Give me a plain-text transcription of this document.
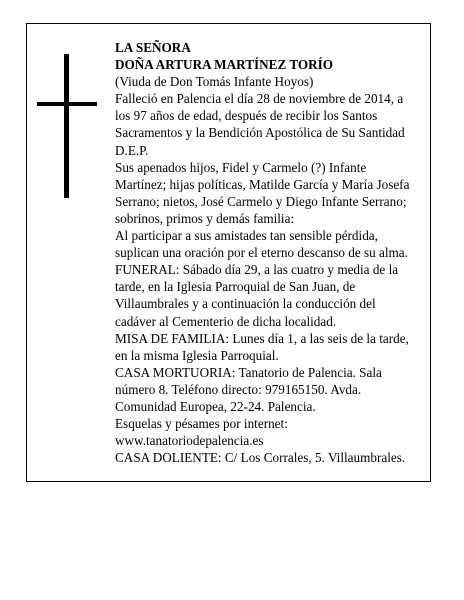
LA SEÑORA
DOÑA ARTURA MARTÍNEZ TORÍO
(Viuda de Don Tomás Infante Hoyos)
Falleció en Palencia el día 28 de noviembre de 2014, a
los 97 años de edad, después de recibir los Santos
Sacramentos y la Bendición Apostólica de Su Santidad
D.E.P.
Sus apenados hijos, Fidel y Carmelo (?) Infante
Martínez; hijas políticas, Matilde García y María Josefa
Serrano; nietos, José Carmelo y Diego Infante Serrano;
sobrinos, primos y demás familia:
Al participar a sus amistades tan sensible pérdida,
suplican una oración por el eterno descanso de su alma.
FUNERAL: Sábado día 29, a las cuatro y media de la
tarde, en la Iglesia Parroquial de San Juan, de
Villaumbrales y a continuación la conducción del
cadáver al Cementerio de dicha localidad.
MISA DE FAMILIA: Lunes día 1, a las seis de la tarde,
en la misma Iglesia Parroquial.
CASA MORTUORIA: Tanatorio de Palencia. Sala
número 8. Teléfono directo: 979165150. Avda.
Comunidad Europea, 22-24. Palencia.
Esquelas y pésames por internet:
www.tanatoriodepalencia.es
CASA DOLIENTE: C/ Los Corrales, 5. Villaumbrales.
